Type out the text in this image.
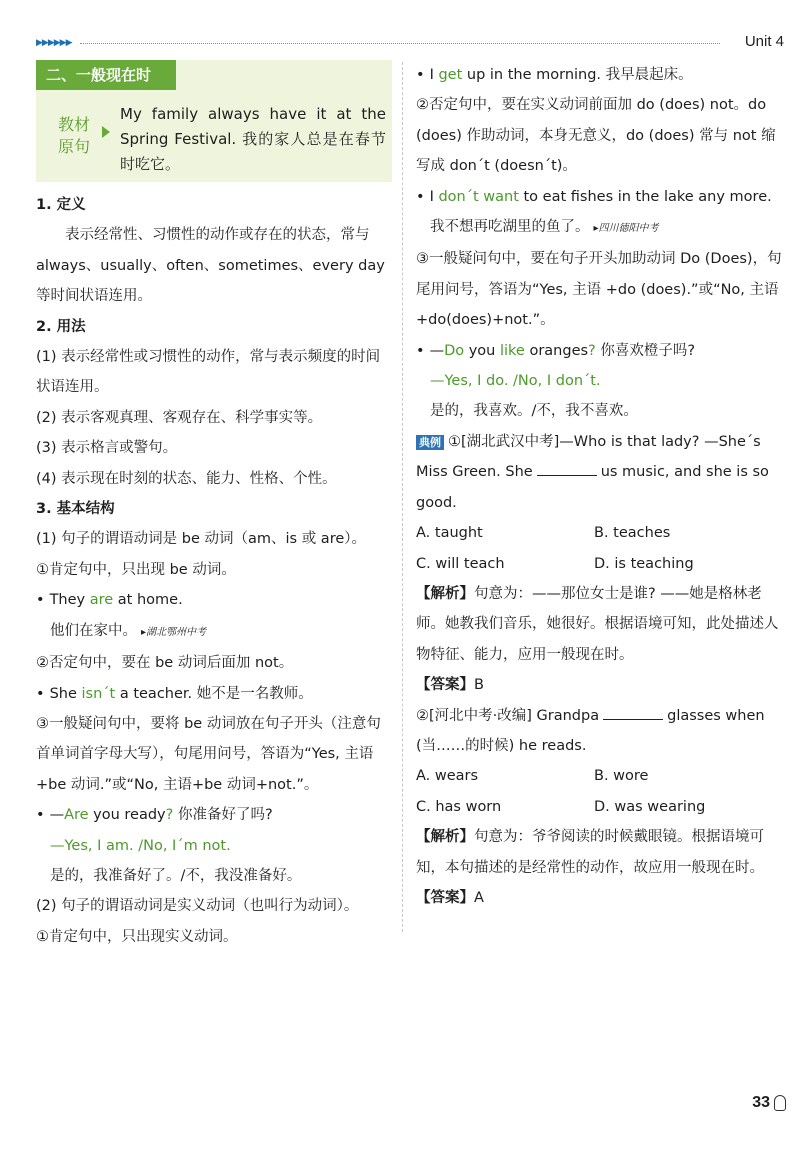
▶▶▶▶▶▶	Unit 4
二、一般现在时
教材原句
My family always have it at the Spring Festival. 我的家人总是在春节时吃它。

1. 定义

表示经常性、习惯性的动作或存在的状态，常与 always、usually、often、sometimes、every day 等时间状语连用。

2. 用法

(1) 表示经常性或习惯性的动作，常与表示频度的时间状语连用。

(2) 表示客观真理、客观存在、科学事实等。

(3) 表示格言或警句。

(4) 表示现在时刻的状态、能力、性格、个性。

3. 基本结构

(1) 句子的谓语动词是 be 动词（am、is 或 are）。

①肯定句中，只出现 be 动词。

• They are at home.

他们在家中。 ▸湖北鄂州中考

②否定句中，要在 be 动词后面加 not。

• She isn´t a teacher. 她不是一名教师。

③一般疑问句中，要将 be 动词放在句子开头（注意句首单词首字母大写），句尾用问号，答语为“Yes, 主语+be 动词.”或“No, 主语+be 动词+not.”。

• —Are you ready? 你准备好了吗?

—Yes, I am. /No, I´m not.

是的，我准备好了。/不，我没准备好。

(2) 句子的谓语动词是实义动词（也叫行为动词）。

①肯定句中，只出现实义动词。

• I get up in the morning. 我早晨起床。

②否定句中，要在实义动词前面加 do (does) not。do (does) 作助动词，本身无意义，do (does) 常与 not 缩写成 don´t (doesn´t)。

• I don´t want to eat fishes in the lake any more.

我不想再吃湖里的鱼了。 ▸四川德阳中考

③一般疑问句中，要在句子开头加助动词 Do (Does)，句尾用问号，答语为“Yes, 主语 +do (does).”或“No, 主语+do(does)+not.”。

• —Do you like oranges? 你喜欢橙子吗?

—Yes, I do. /No, I don´t.

是的，我喜欢。/不，我不喜欢。

典例 ①[湖北武汉中考]—Who is that lady? —She´s Miss Green. She	us music, and she is so good.

A. taught	B. teaches
C. will teach	D. is teaching

【解析】句意为：——那位女士是谁? ——她是格林老师。她教我们音乐，她很好。根据语境可知，此处描述人物特征、能力，应用一般现在时。

【答案】B

②[河北中考·改编] Grandpa	glasses when (当……的时候) he reads.

A. wears	B. wore
C. has worn	D. was wearing

【解析】句意为：爷爷阅读的时候戴眼镜。根据语境可知，本句描述的是经常性的动作，故应用一般现在时。

【答案】A

33
